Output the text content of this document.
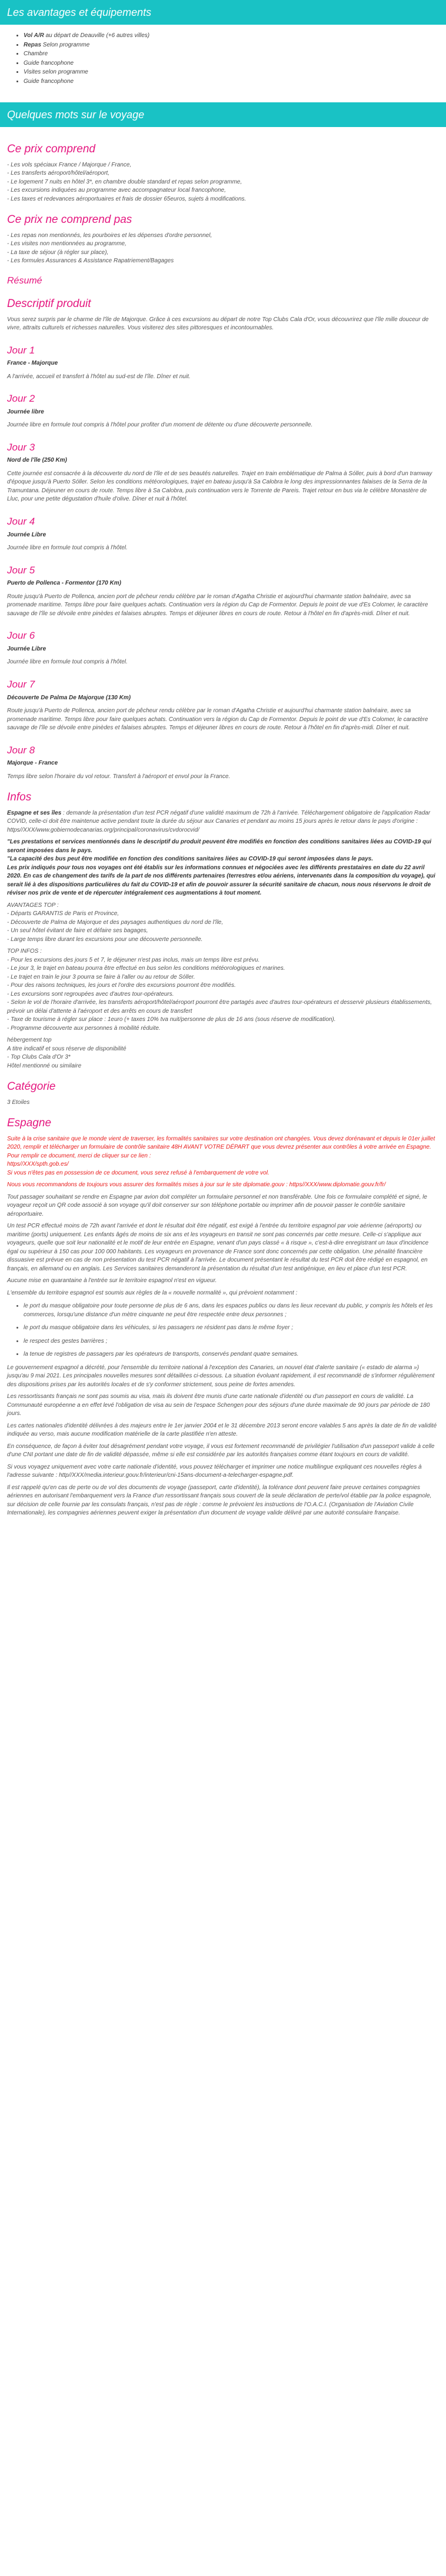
Les avantages et équipements
• Vol A/R au départ de Deauville (+6 autres villes)
• Repas Selon programme
• Chambre
• Guide francophone
• Visites selon programme
• Guide francophone
Quelques mots sur le voyage
Ce prix comprend

- Les vols spéciaux France / Majorque / France,
- Les transferts aéroport/hôtel/aéroport,
- Le logement 7 nuits en hôtel 3*, en chambre double standard et repas selon programme,
- Les excursions indiquées au programme avec accompagnateur local francophone,
- Les taxes et redevances aéroportuaires et frais de dossier 65euros, sujets à modifications.

Ce prix ne comprend pas

- Les repas non mentionnés, les pourboires et les dépenses d'ordre personnel,
- Les visites non mentionnées au programme,
- La taxe de séjour (à régler sur place),
- Les formules Assurances & Assistance Rapatriement/Bagages

Résumé
Descriptif produit

Vous serez surpris par le charme de l'île de Majorque. Grâce à ces excursions au départ de notre Top Clubs Cala d'Or, vous découvrirez que l'île mille douceur de vivre, attraits culturels et richesses naturelles. Vous visiterez des sites pittoresques et incontournables.

Jour 1
France - Majorque

A l'arrivée, accueil et transfert à l'hôtel au sud-est de l'île. Dîner et nuit.

Jour 2
Journée libre

Journée libre en formule tout compris à l'hôtel pour profiter d'un moment de détente ou d'une découverte personnelle.

Jour 3
Nord de l'île (250 Km)

Cette journée est consacrée à la découverte du nord de l'île et de ses beautés naturelles. Trajet en train emblématique de Palma à Sóller, puis à bord d'un tramway d'époque jusqu'à Puerto Sóller. Selon les conditions météorologiques, trajet en bateau jusqu'à Sa Calobra le long des impressionnantes falaises de la Serra de la Tramuntana. Déjeuner en cours de route. Temps libre à Sa Calobra, puis continuation vers le Torrente de Pareis. Trajet retour en bus via le célèbre Monastère de Lluc, pour une petite dégustation d'huile d'olive. Dîner et nuit à l'hôtel.

Jour 4
Journée Libre

Journée libre en formule tout compris à l'hôtel.

Jour 5
Puerto de Pollenca - Formentor (170 Km)

Route jusqu'à Puerto de Pollenca, ancien port de pêcheur rendu célèbre par le roman d'Agatha Christie et aujourd'hui charmante station balnéaire, avec sa promenade maritime. Temps libre pour faire quelques achats. Continuation vers la région du Cap de Formentor. Depuis le point de vue d'Es Colomer, le caractère sauvage de l'île se dévoile entre pinèdes et falaises abruptes. Temps et déjeuner libres en cours de route. Retour à l'hôtel en fin d'après-midi. Dîner et nuit.

Jour 6
Journée Libre

Journée libre en formule tout compris à l'hôtel.

Jour 7
Découverte De Palma De Majorque (130 Km)

Route jusqu'à Puerto de Pollenca, ancien port de pêcheur rendu célèbre par le roman d'Agatha Christie et aujourd'hui charmante station balnéaire, avec sa promenade maritime. Temps libre pour faire quelques achats. Continuation vers la région du Cap de Formentor. Depuis le point de vue d'Es Colomer, le caractère sauvage de l'île se dévoile entre pinèdes et falaises abruptes. Temps et déjeuner libres en cours de route. Retour à l'hôtel en fin d'après-midi. Dîner et nuit.

Jour 8
Majorque - France

Temps libre selon l'horaire du vol retour. Transfert à l'aéroport et envol pour la France.

Infos

Espagne et ses îles : demande la présentation d'un test PCR négatif d'une validité maximum de 72h à l'arrivée. Téléchargement obligatoire de l'application Radar COVID, celle-ci doit être maintenue active pendant toute la durée du séjour aux Canaries et pendant au moins 15 jours après le retour dans le pays d'origine : https//XXX/www.gobiernodecanarias.org/principal/coronavirus/cvdorocvid/

"Les prestations et services mentionnés dans le descriptif du produit peuvent être modifiés en fonction des conditions sanitaires liées au COVID-19 qui seront imposées dans le pays.
"La capacité des bus peut être modifiée en fonction des conditions sanitaires liées au COVID-19 qui seront imposées dans le pays.
Les prix indiqués pour tous nos voyages ont été établis sur les informations connues et négociées avec les différents prestataires en date du 22 avril 2020. En cas de changement des tarifs de la part de nos différents partenaires (terrestres et/ou aériens, intervenants dans la composition du voyage), qui serait lié à des dispositions particulières du fait du COVID-19 et afin de pouvoir assurer la sécurité sanitaire de chacun, nous nous réservons le droit de réviser nos prix de vente et de répercuter intégralement ces augmentations à tout moment.

AVANTAGES TOP :
- Départs GARANTIS de Paris et Province,
- Découverte de Palma de Majorque et des paysages authentiques du nord de l'île,
- Un seul hôtel évitant de faire et défaire ses bagages,
- Large temps libre durant les excursions pour une découverte personnelle.

TOP INFOS :
- Pour les excursions des jours 5 et 7, le déjeuner n'est pas inclus, mais un temps libre est prévu.
- Le jour 3, le trajet en bateau pourra être effectué en bus selon les conditions météorologiques et marines.
- Le trajet en train le jour 3 pourra se faire à l'aller ou au retour de Sóller.
- Pour des raisons techniques, les jours et l'ordre des excursions pourront être modifiés.
- Les excursions sont regroupées avec d'autres tour-opérateurs.
- Selon le vol de l'horaire d'arrivée, les transferts aéroport/hôtel/aéroport pourront être partagés avec d'autres tour-opérateurs et desservir plusieurs établissements, prévoir un délai d'attente à l'aéroport et des arrêts en cours de transfert
- Taxe de tourisme à régler sur place : 1euro (+ taxes 10% tva nuit/personne de plus de 16 ans (sous réserve de modification).
- Programme découverte aux personnes à mobilité réduite.

hébergement top
A titre indicatif et sous réserve de disponibilité
- Top Clubs Cala d'Or 3*
Hôtel mentionné ou similaire

Catégorie

3 Etoiles

Espagne

Suite à la crise sanitaire que le monde vient de traverser, les formalités sanitaires sur votre destination ont changées. Vous devez dorénavant et depuis le 01er juillet 2020, remplir et télécharger un formulaire de contrôle sanitaire 48H AVANT VOTRE DÉPART que vous devrez présenter aux contrôles à votre arrivée en Espagne.
Pour remplir ce document, merci de cliquer sur ce lien :
https//XXX/spth.gob.es/
Si vous n'êtes pas en possession de ce document, vous serez refusé à l'embarquement de votre vol.

Nous vous recommandons de toujours vous assurer des formalités mises à jour sur le site diplomatie.gouv : https//XXX/www.diplomatie.gouv.fr/fr/

Tout passager souhaitant se rendre en Espagne par avion doit compléter un formulaire personnel et non transférable. Une fois ce formulaire complété et signé, le voyageur reçoit un QR code associé à son voyage qu'il doit conserver sur son téléphone portable ou imprimer afin de pouvoir passer le contrôle sanitaire aéroportuaire.

Un test PCR effectué moins de 72h avant l'arrivée et dont le résultat doit être négatif, est exigé à l'entrée du territoire espagnol par voie aérienne (aéroports) ou maritime (ports) uniquement. Les enfants âgés de moins de six ans et les voyageurs en transit ne sont pas concernés par cette mesure. Celle-ci s'applique aux voyageurs, quelle que soit leur nationalité et le motif de leur entrée en Espagne, venant d'un pays classé « à risque », c'est-à-dire enregistrant un taux d'incidence égal ou supérieur à 150 cas pour 100 000 habitants. Les voyageurs en provenance de France sont donc concernés par cette obligation. Une pénalité financière dissuasive est prévue en cas de non présentation du test PCR négatif à l'arrivée. Le document présentant le résultat du test PCR doit être rédigé en espagnol, en français, en allemand ou en anglais. Les Services sanitaires demanderont la présentation du résultat d'un test antigénique, en lieu et place d'un test PCR.

Aucune mise en quarantaine à l'entrée sur le territoire espagnol n'est en vigueur.

L'ensemble du territoire espagnol est soumis aux règles de la « nouvelle normalité », qui prévoient notamment :

• le port du masque obligatoire pour toute personne de plus de 6 ans, dans les espaces publics ou dans les lieux recevant du public, y compris les hôtels et les commerces, lorsqu'une distance d'un mètre cinquante ne peut être respectée entre deux personnes ;
• le port du masque obligatoire dans les véhicules, si les passagers ne résident pas dans le même foyer ;
• le respect des gestes barrières ;
• la tenue de registres de passagers par les opérateurs de transports, conservés pendant quatre semaines.

Le gouvernement espagnol a décrété, pour l'ensemble du territoire national à l'exception des Canaries, un nouvel état d'alerte sanitaire (« estado de alarma ») jusqu'au 9 mai 2021. Les principales nouvelles mesures sont détaillées ci-dessous. La situation évoluant rapidement, il est recommandé de s'informer régulièrement des dispositions prises par les autorités locales et de s'y conformer strictement, sous peine de fortes amendes.

Les ressortissants français ne sont pas soumis au visa, mais ils doivent être munis d'une carte nationale d'identité ou d'un passeport en cours de validité. La Communauté européenne a en effet levé l'obligation de visa au sein de l'espace Schengen pour des séjours d'une durée maximale de 90 jours par période de 180 jours.

Les cartes nationales d'identité délivrées à des majeurs entre le 1er janvier 2004 et le 31 décembre 2013 seront encore valables 5 ans après la date de fin de validité indiquée au verso, mais aucune modification matérielle de la carte plastifiée n'en atteste.

En conséquence, de façon à éviter tout désagrément pendant votre voyage, il vous est fortement recommandé de privilégier l'utilisation d'un passeport valide à celle d'une CNI portant une date de fin de validité dépassée, même si elle est considérée par les autorités françaises comme étant toujours en cours de validité.

Si vous voyagez uniquement avec votre carte nationale d'identité, vous pouvez télécharger et imprimer une notice multilingue expliquant ces nouvelles règles à l'adresse suivante : http//XXX/media.interieur.gouv.fr/interieur/cni-15ans-document-a-telecharger-espagne.pdf.

Il est rappelé qu'en cas de perte ou de vol des documents de voyage (passeport, carte d'identité), la tolérance dont peuvent faire preuve certaines compagnies aériennes en autorisant l'embarquement vers la France d'un ressortissant français sous couvert de la seule déclaration de perte/vol établie par la police espagnole, sur décision de celle fournie par les consulats français, n'est pas de règle : comme le prévoient les instructions de l'O.A.C.I. (Organisation de l'Aviation Civile Internationale), les compagnies aériennes peuvent exiger la présentation d'un document de voyage valide délivré par une autorité consulaire française.
